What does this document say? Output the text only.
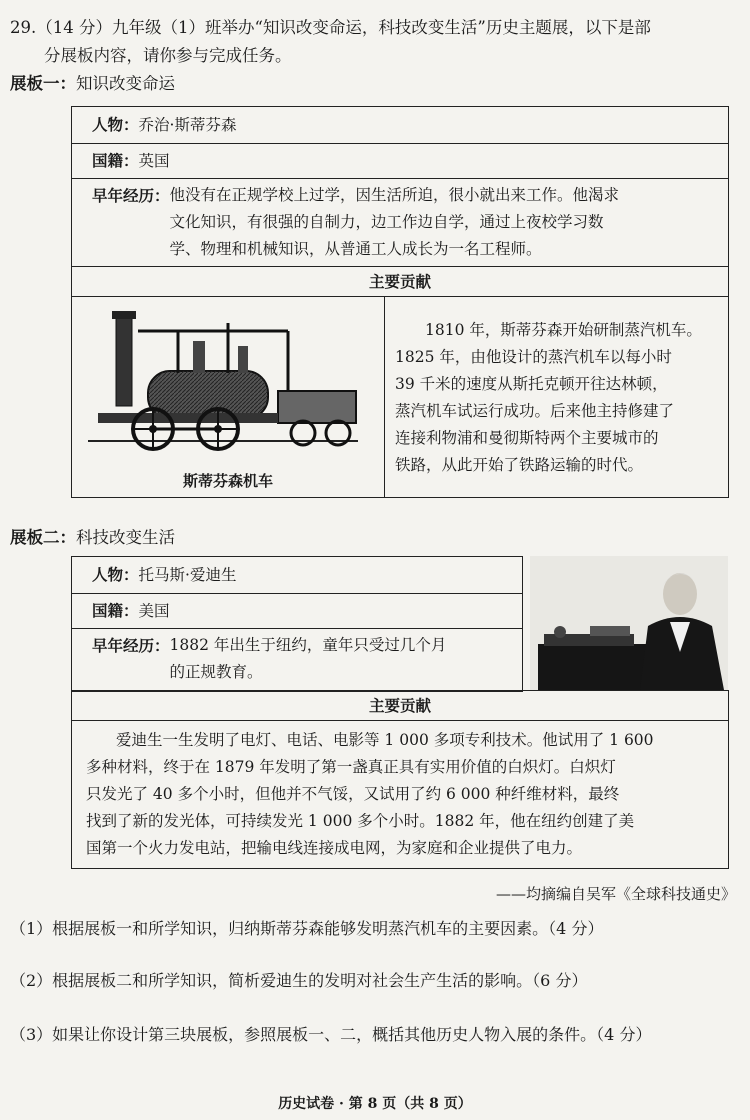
29.（14 分）九年级（1）班举办“知识改变命运，科技改变生活”历史主题展，以下是部
分展板内容，请你参与完成任务。
展板一：知识改变命运
人物：乔治·斯蒂芬森
国籍：英国

早年经历： 他没有在正规学校上过学，因生活所迫，很小就出来工作。他渴求
文化知识，有很强的自制力，边工作边自学，通过上夜校学习数
学、物理和机械知识，从普通工人成长为一名工程师。

主要贡献

斯蒂芬森机车

1810 年，斯蒂芬森开始研制蒸汽机车。
1825 年，由他设计的蒸汽机车以每小时
39 千米的速度从斯托克顿开往达林顿，
蒸汽机车试运行成功。后来他主持修建了
连接利物浦和曼彻斯特两个主要城市的
铁路，从此开始了铁路运输的时代。
展板二：科技改变生活
人物：托马斯·爱迪生
国籍：美国

早年经历： 1882 年出生于纽约，童年只受过几个月
的正规教育。
主要贡献

爱迪生一生发明了电灯、电话、电影等 1 000 多项专利技术。他试用了 1 600
多种材料，终于在 1879 年发明了第一盏真正具有实用价值的白炽灯。白炽灯
只发光了 40 多个小时，但他并不气馁，又试用了约 6 000 种纤维材料，最终
找到了新的发光体，可持续发光 1 000 多个小时。1882 年，他在纽约创建了美
国第一个火力发电站，把输电线连接成电网，为家庭和企业提供了电力。
——均摘编自吴军《全球科技通史》
（1）根据展板一和所学知识，归纳斯蒂芬森能够发明蒸汽机车的主要因素。（4 分）
（2）根据展板二和所学知识，简析爱迪生的发明对社会生产生活的影响。（6 分）
（3）如果让你设计第三块展板，参照展板一、二，概括其他历史人物入展的条件。（4 分）
历史试卷 · 第 8 页（共 8 页）
